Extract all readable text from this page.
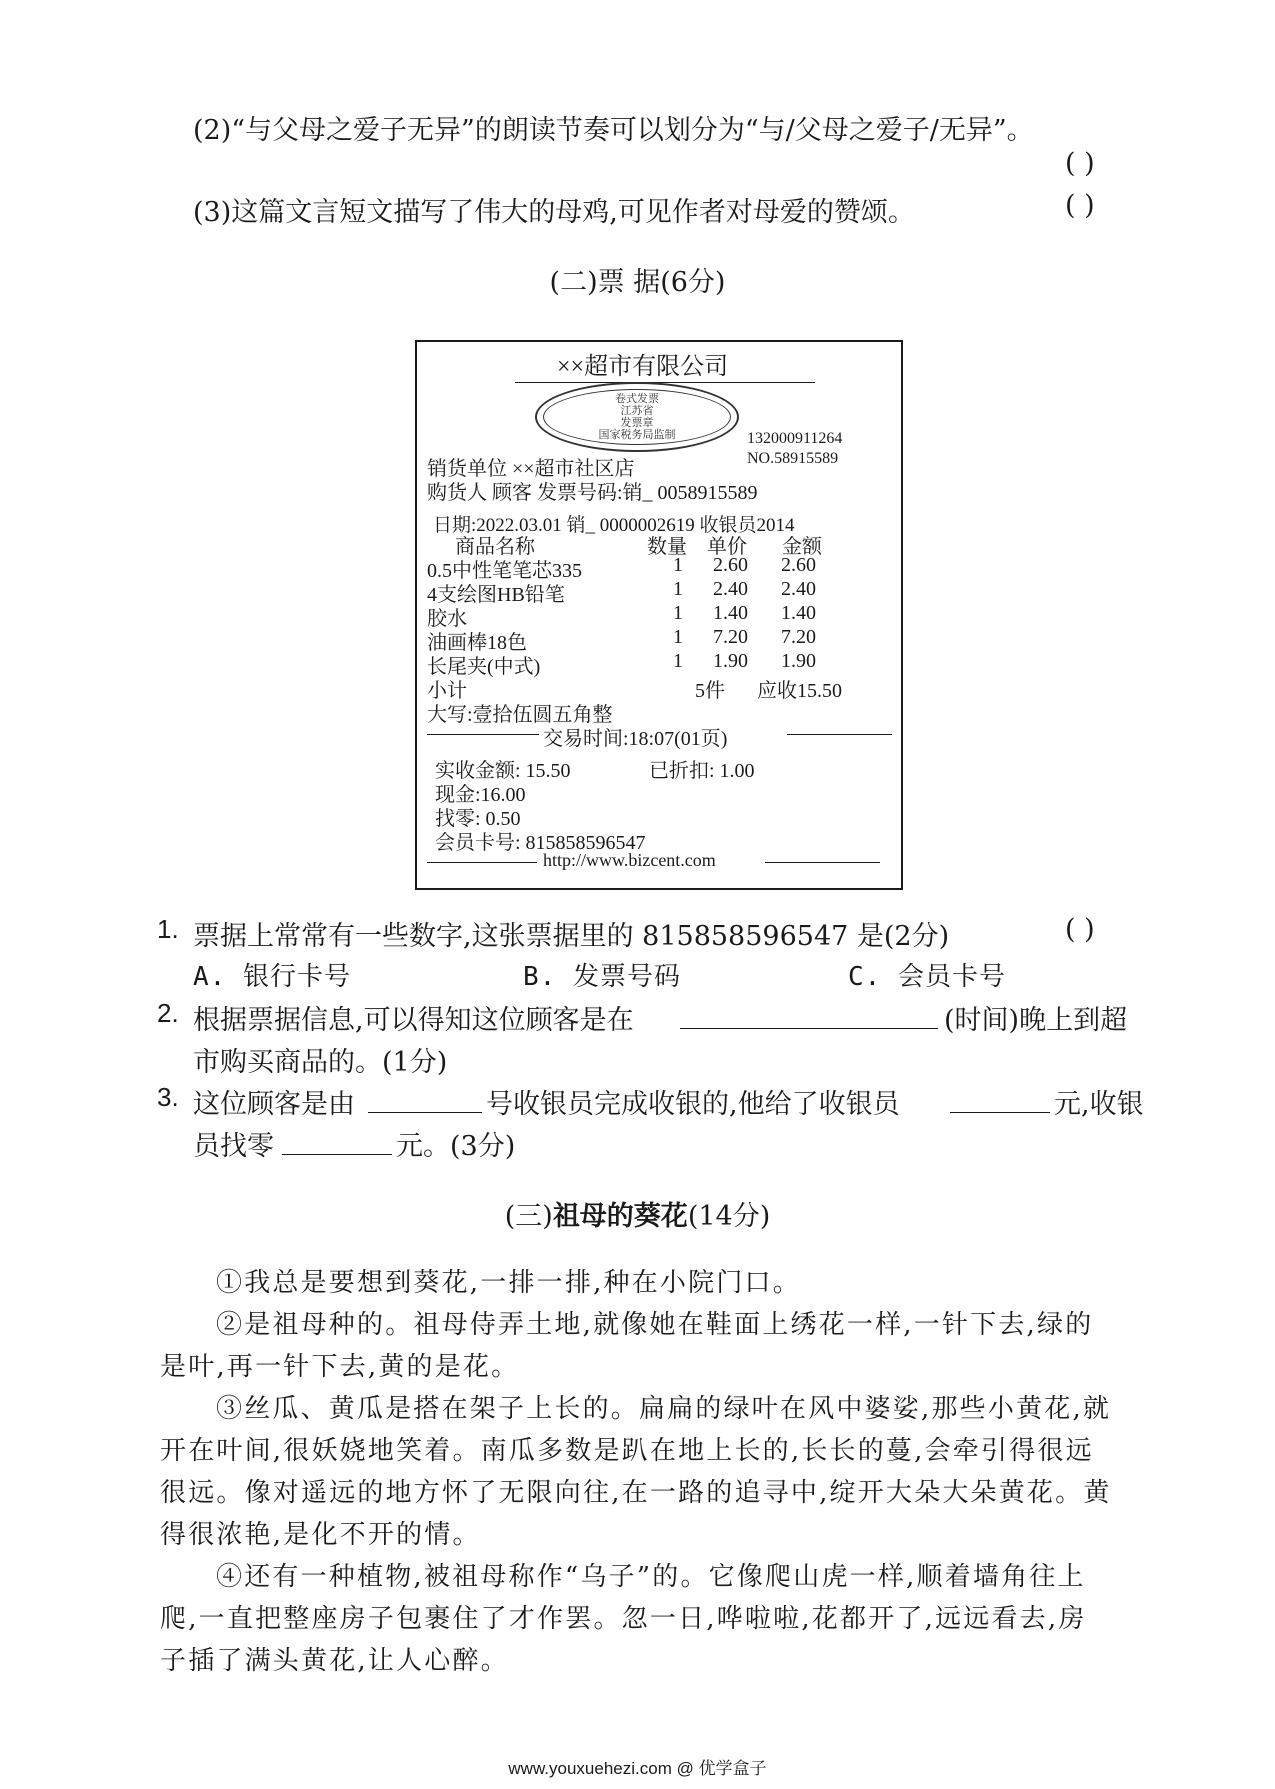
(2)“与父母之爱子无异”的朗读节奏可以划分为“与/父母之爱子/无异”。
( )
(3)这篇文言短文描写了伟大的母鸡,可见作者对母爱的赞颂。	( )
(二)票 据(6分)
××超市有限公司
卷式发票
江苏省
发票章
国家税务局监制	132000911264
NO.58915589
销货单位 ××超市社区店
购货人 顾客 发票号码:销_ 0058915589
日期:2022.03.01 销_ 0000002619 收银员2014
商品名称	数量 单价 金额
0.5中性笔笔芯335	1 2.60 2.60
4支绘图HB铅笔	1 2.40 2.40
胶水	1 1.40 1.40
油画棒18色	1 7.20 7.20
长尾夹(中式)	1 1.90 1.90
小计	5件 应收15.50
大写:壹拾伍圆五角整
交易时间:18:07(01页)
实收金额: 15.50	已折扣: 1.00
现金:16.00
找零: 0.50
会员卡号: 815858596547
http://www.bizcent.com
1. 票据上常常有一些数字,这张票据里的 815858596547 是(2分)	( )
A. 银行卡号	B. 发票号码	C. 会员卡号
2. 根据票据信息,可以得知这位顾客是在	(时间)晚上到超
市购买商品的。(1分)
3. 这位顾客是由	号收银员完成收银的,他给了收银员	元,收银
员找零	元。(3分)
(三)祖母的葵花(14分)
①我总是要想到葵花,一排一排,种在小院门口。
②是祖母种的。祖母侍弄土地,就像她在鞋面上绣花一样,一针下去,绿的
是叶,再一针下去,黄的是花。
③丝瓜、黄瓜是搭在架子上长的。扁扁的绿叶在风中婆娑,那些小黄花,就
开在叶间,很妖娆地笑着。南瓜多数是趴在地上长的,长长的蔓,会牵引得很远
很远。像对遥远的地方怀了无限向往,在一路的追寻中,绽开大朵大朵黄花。黄
得很浓艳,是化不开的情。
④还有一种植物,被祖母称作“乌子”的。它像爬山虎一样,顺着墙角往上
爬,一直把整座房子包裹住了才作罢。忽一日,哗啦啦,花都开了,远远看去,房
子插了满头黄花,让人心醉。
www.youxuehezi.com @ 优学盒子
